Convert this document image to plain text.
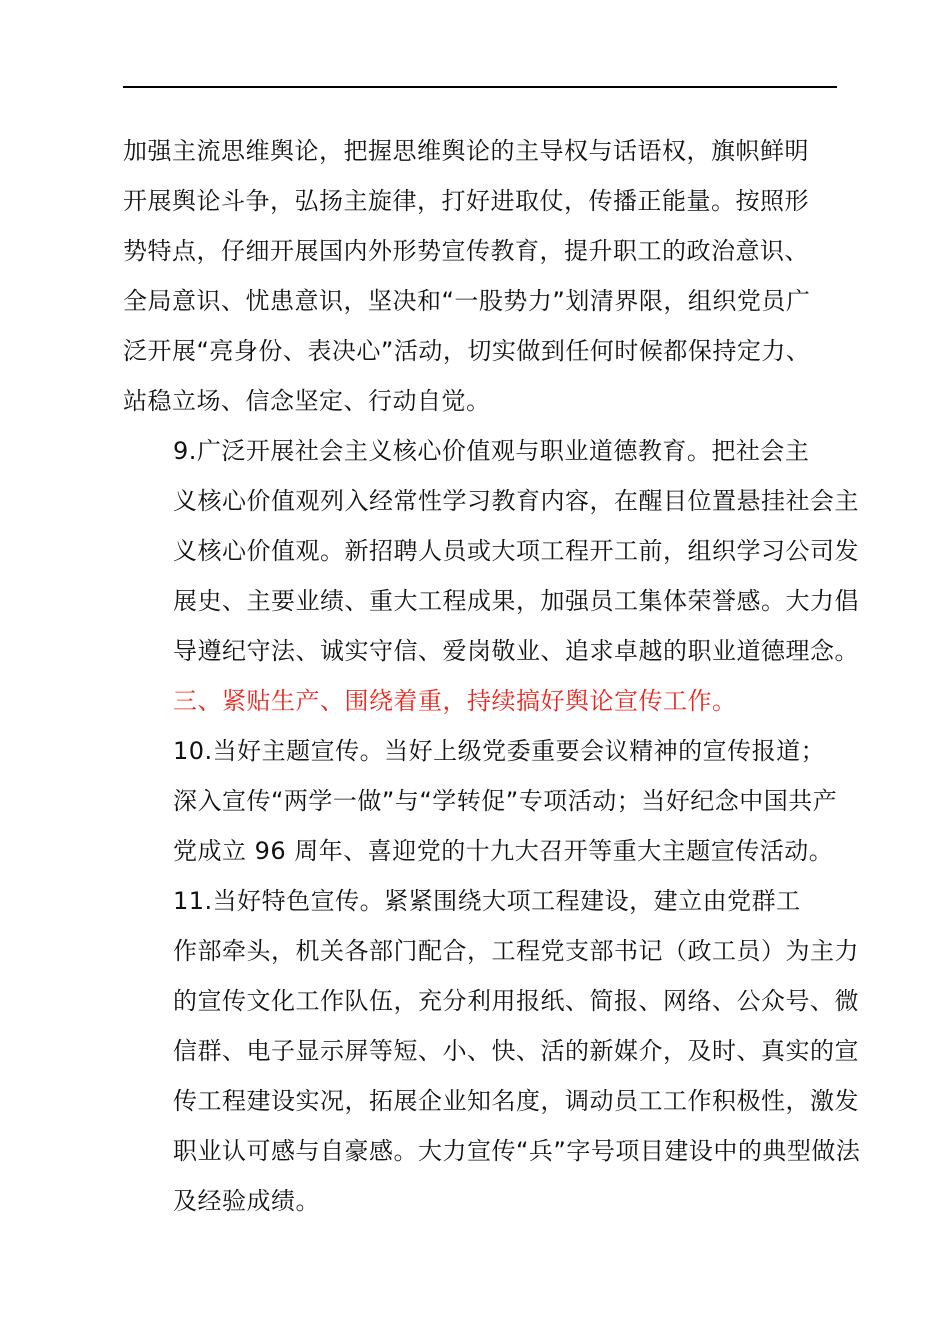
加强主流思维舆论，把握思维舆论的主导权与话语权，旗帜鲜明
开展舆论斗争，弘扬主旋律，打好进取仗，传播正能量。按照形
势特点，仔细开展国内外形势宣传教育，提升职工的政治意识、
全局意识、忧患意识，坚决和“一股势力”划清界限，组织党员广
泛开展“亮身份、表决心”活动，切实做到任何时候都保持定力、
站稳立场、信念坚定、行动自觉。

9.广泛开展社会主义核心价值观与职业道德教育。把社会主
义核心价值观列入经常性学习教育内容，在醒目位置悬挂社会主
义核心价值观。新招聘人员或大项工程开工前，组织学习公司发
展史、主要业绩、重大工程成果，加强员工集体荣誉感。大力倡
导遵纪守法、诚实守信、爱岗敬业、追求卓越的职业道德理念。

三、紧贴生产、围绕着重，持续搞好舆论宣传工作。

10.当好主题宣传。当好上级党委重要会议精神的宣传报道；
深入宣传“两学一做”与“学转促”专项活动；当好纪念中国共产
党成立 96 周年、喜迎党的十九大召开等重大主题宣传活动。

11.当好特色宣传。紧紧围绕大项工程建设，建立由党群工
作部牵头，机关各部门配合，工程党支部书记（政工员）为主力
的宣传文化工作队伍，充分利用报纸、简报、网络、公众号、微
信群、电子显示屏等短、小、快、活的新媒介，及时、真实的宣
传工程建设实况，拓展企业知名度，调动员工工作积极性，激发
职业认可感与自豪感。大力宣传“兵”字号项目建设中的典型做法
及经验成绩。
